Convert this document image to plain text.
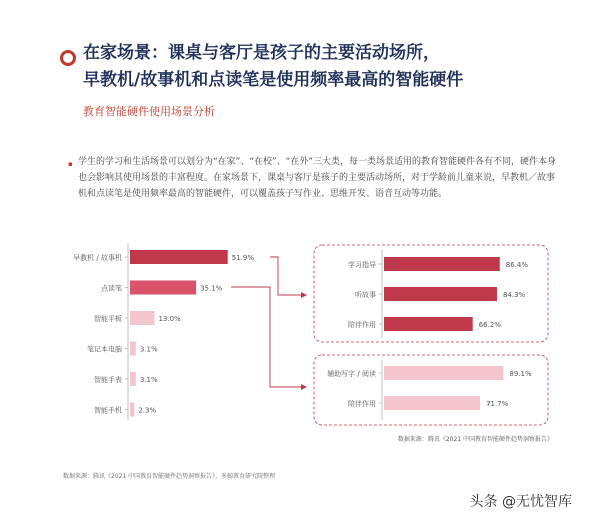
在家场景：课桌与客厅是孩子的主要活动场所，
早教机/故事机和点读笔是使用频率最高的智能硬件
教育智能硬件使用场景分析
▪ 学生的学习和生活场景可以划分为“在家”、“在校”、“在外”三大类，每一类场景适用的教育智能硬件各有不同，硬件本身也会影响其使用场景的丰富程度。在家场景下，课桌与客厅是孩子的主要活动场所，对于学龄前儿童来说，早教机／故事机和点读笔是使用频率最高的智能硬件，可以覆盖孩子写作业、思维开发、语音互动等功能。
早教机 / 故事机	51.9%
点读笔	35.1%
智能平板	13.0%
笔记本电脑	3.1%
智能手表	3.1%
智能手机 2.3%
学习指导	86.4%
听故事	84.3%
陪伴作用	66.2%
辅助写字 / 阅读	89.1%
陪伴作用	71.7%
数据来源：腾讯《2021 中国教育智能硬件趋势洞察报告》
数据来源：腾讯《2021 中国教育智能硬件趋势洞察报告》，多鲸教育研究院整理
头条 @无忧智库
